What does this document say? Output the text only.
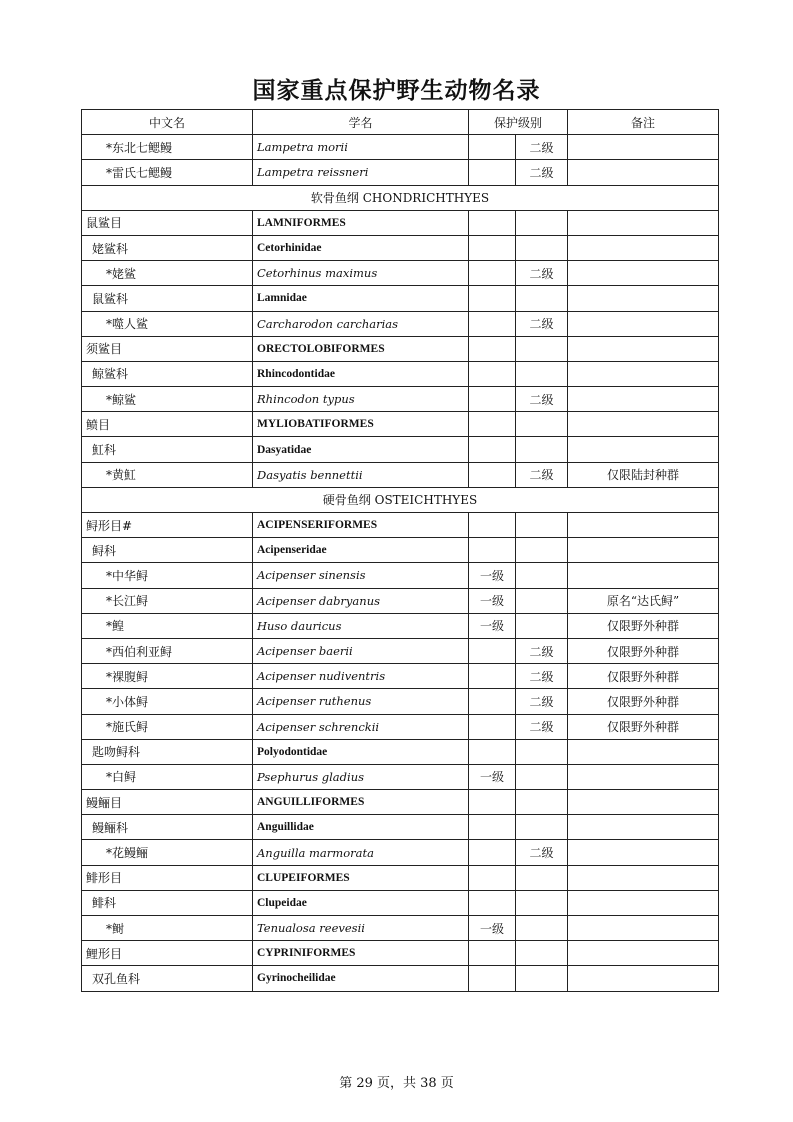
国家重点保护野生动物名录
中文名	学名	保护级别		备注
*东北七鳃鳗	Lampetra morii		二级	
*雷氏七鳃鳗	Lampetra reissneri		二级	
软骨鱼纲 CHONDRICHTHYES				
鼠鲨目	LAMNIFORMES			
姥鲨科	Cetorhinidae			
*姥鲨	Cetorhinus maximus		二级	
鼠鲨科	Lamnidae			
*噬人鲨	Carcharodon carcharias		二级	
须鲨目	ORECTOLOBIFORMES			
鲸鲨科	Rhincodontidae			
*鲸鲨	Rhincodon typus		二级	
鲼目	MYLIOBATIFORMES			
魟科	Dasyatidae			
*黄魟	Dasyatis bennettii		二级	仅限陆封种群
硬骨鱼纲 OSTEICHTHYES				
鲟形目#	ACIPENSERIFORMES			
鲟科	Acipenseridae			
*中华鲟	Acipenser sinensis	一级		
*长江鲟	Acipenser dabryanus	一级		原名“达氏鲟”
*鳇	Huso dauricus	一级		仅限野外种群
*西伯利亚鲟	Acipenser baerii		二级	仅限野外种群
*裸腹鲟	Acipenser nudiventris		二级	仅限野外种群
*小体鲟	Acipenser ruthenus		二级	仅限野外种群
*施氏鲟	Acipenser schrenckii		二级	仅限野外种群
匙吻鲟科	Polyodontidae			
*白鲟	Psephurus gladius	一级		
鳗鲡目	ANGUILLIFORMES			
鳗鲡科	Anguillidae			
*花鳗鲡	Anguilla marmorata		二级	
鲱形目	CLUPEIFORMES			
鲱科	Clupeidae			
*鲥	Tenualosa reevesii	一级		
鲤形目	CYPRINIFORMES			
双孔鱼科	Gyrinocheilidae			
第 29 页，共 38 页
